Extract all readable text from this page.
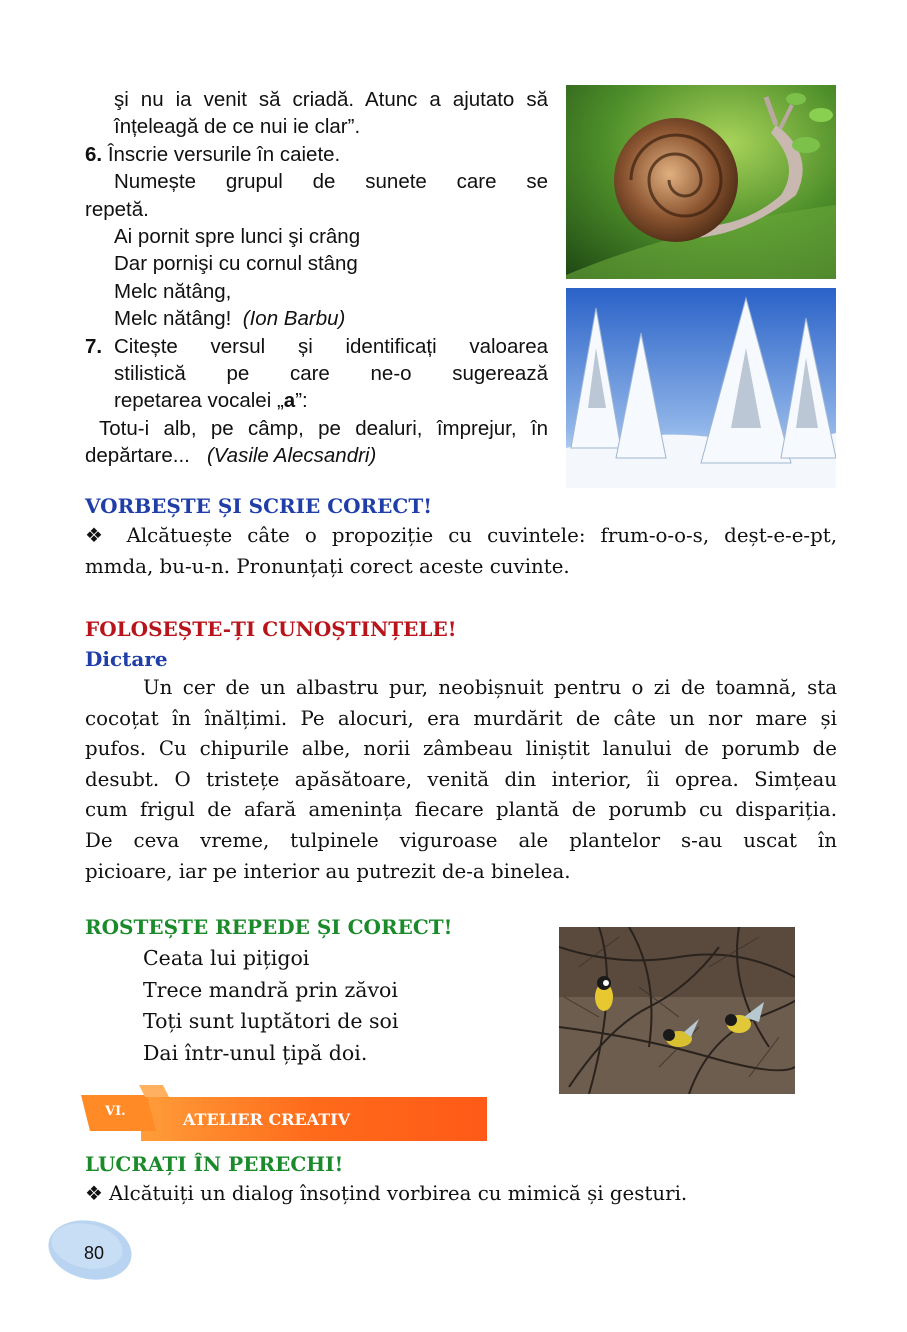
şi nu ia venit să criadă. Atunc a ajutato să

înțeleagă de ce nui ie clar”.

6. Înscrie versurile în caiete.

Numește grupul de sunete care se

repetă.

Ai pornit spre lunci şi crâng

Dar pornişi cu cornul stâng

Melc nătâng,

Melc nătâng! (Ion Barbu)

7. Citește versul și identificați valoarea
stilistică pe care ne-o sugerează
repetarea vocalei „a”:

Totu-i alb, pe câmp, pe dealuri, împrejur, în

depărtare... (Vasile Alecsandri)

VORBEȘTE ȘI SCRIE CORECT!
❖ Alcătuește câte o propoziție cu cuvintele: frum-o-o-s, deșt-e-e-pt,
mmda, bu-u-n. Pronunțați corect aceste cuvinte.
FOLOSEȘTE-ȚI CUNOȘTINȚELE!
Dictare
Un cer de un albastru pur, neobișnuit pentru o zi de toamnă, sta
cocoțat în înălțimi. Pe alocuri, era murdărit de câte un nor mare și
pufos. Cu chipurile albe, norii zâmbeau liniștit lanului de porumb de
desubt. O tristețe apăsătoare, venită din interior, îi oprea. Simțeau
cum frigul de afară amenința fiecare plantă de porumb cu dispariția.
De ceva vreme, tulpinele viguroase ale plantelor s-au uscat în
picioare, iar pe interior au putrezit de-a binelea.
ROSTEȘTE REPEDE ȘI CORECT!
Ceata lui pițigoi
Trece mandră prin zăvoi
Toți sunt luptători de soi
Dai într-unul țipă doi.
VI.	ATELIER CREATIV
LUCRAȚI ÎN PERECHI!
❖ Alcătuiți un dialog însoțind vorbirea cu mimică și gesturi.
80
